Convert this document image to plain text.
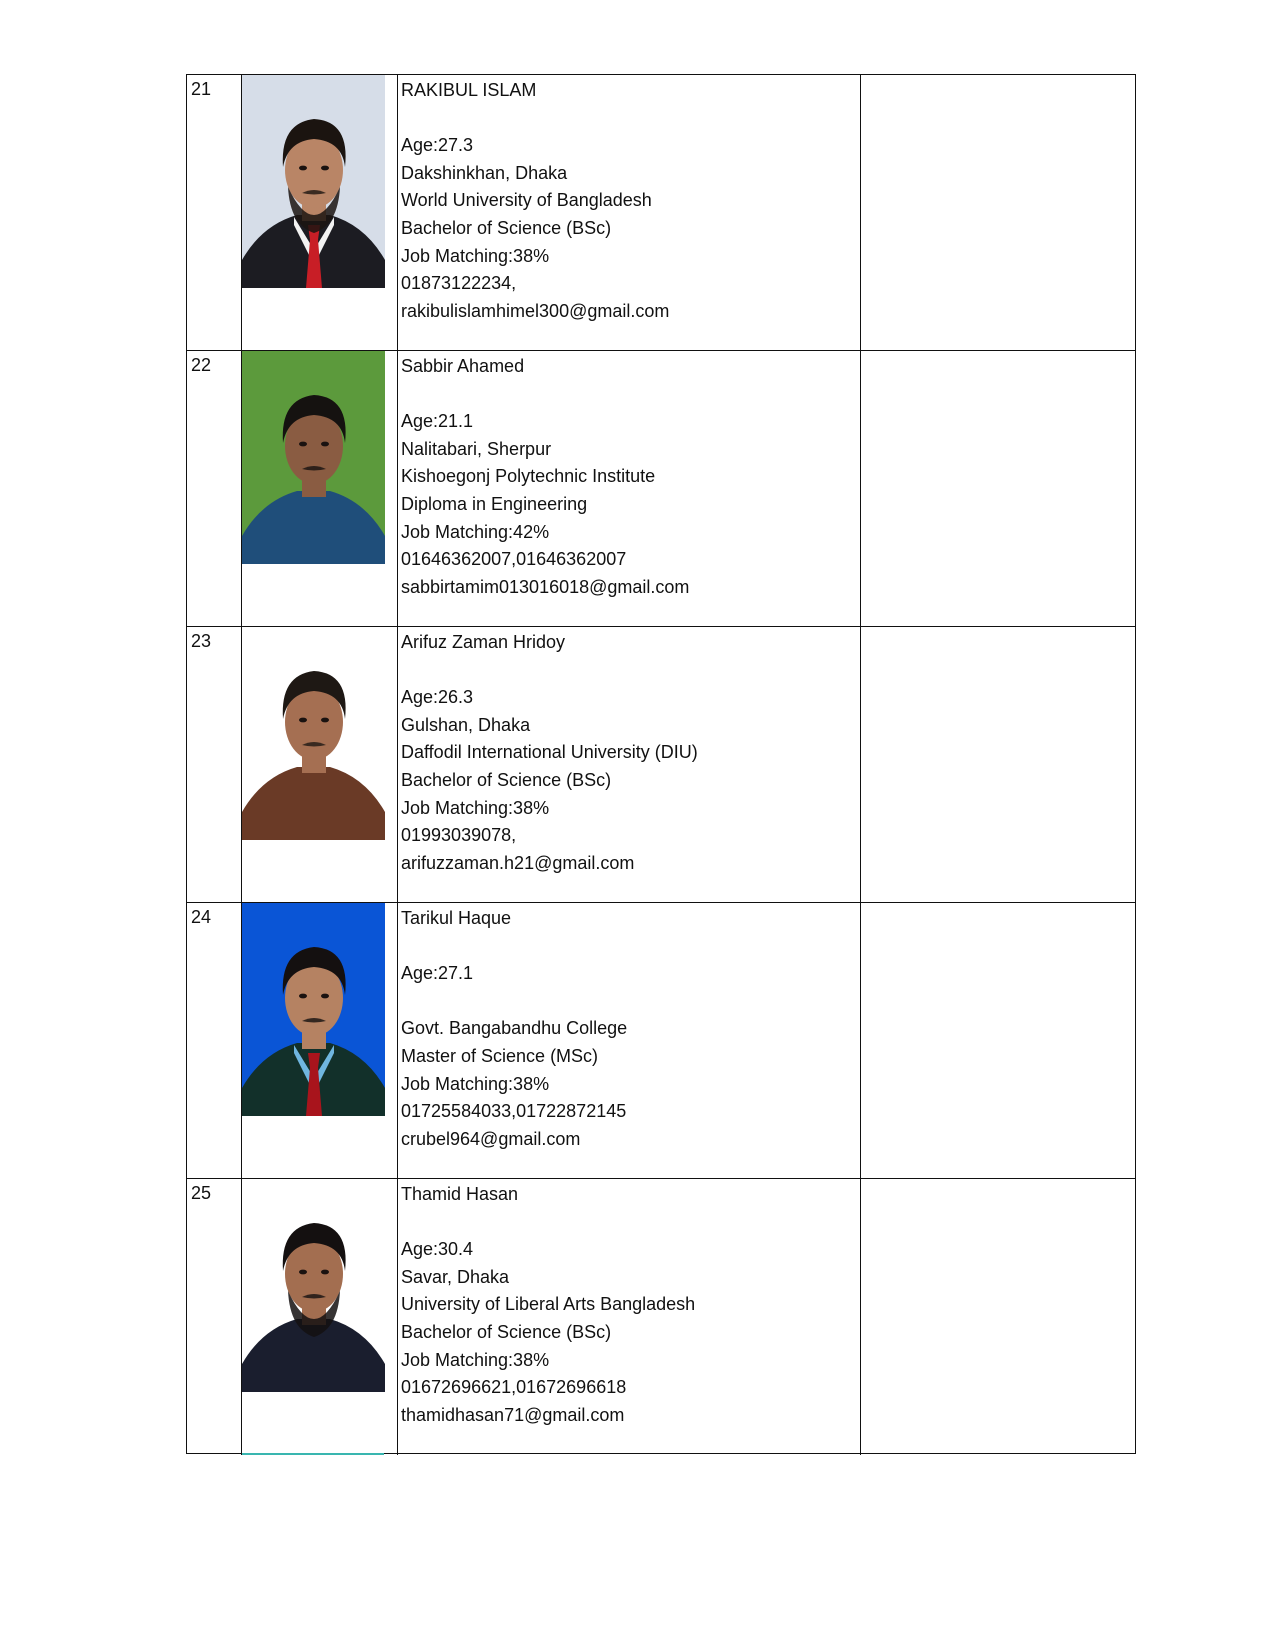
21	RAKIBUL ISLAM
Age:27.3
Dakshinkhan, Dhaka
World University of Bangladesh
Bachelor of Science (BSc)
Job Matching:38%
01873122234,
rakibulislamhimel300@gmail.com
22	Sabbir Ahamed
Age:21.1
Nalitabari, Sherpur
Kishoegonj Polytechnic Institute
Diploma in Engineering
Job Matching:42%
01646362007,01646362007
sabbirtamim013016018@gmail.com
23	Arifuz Zaman Hridoy
Age:26.3
Gulshan, Dhaka
Daffodil International University (DIU)
Bachelor of Science (BSc)
Job Matching:38%
01993039078,
arifuzzaman.h21@gmail.com
24	Tarikul Haque
Age:27.1
Govt. Bangabandhu College
Master of Science (MSc)
Job Matching:38%
01725584033,01722872145
crubel964@gmail.com
25	Thamid Hasan
Age:30.4
Savar, Dhaka
University of Liberal Arts Bangladesh
Bachelor of Science (BSc)
Job Matching:38%
01672696621,01672696618
thamidhasan71@gmail.com
